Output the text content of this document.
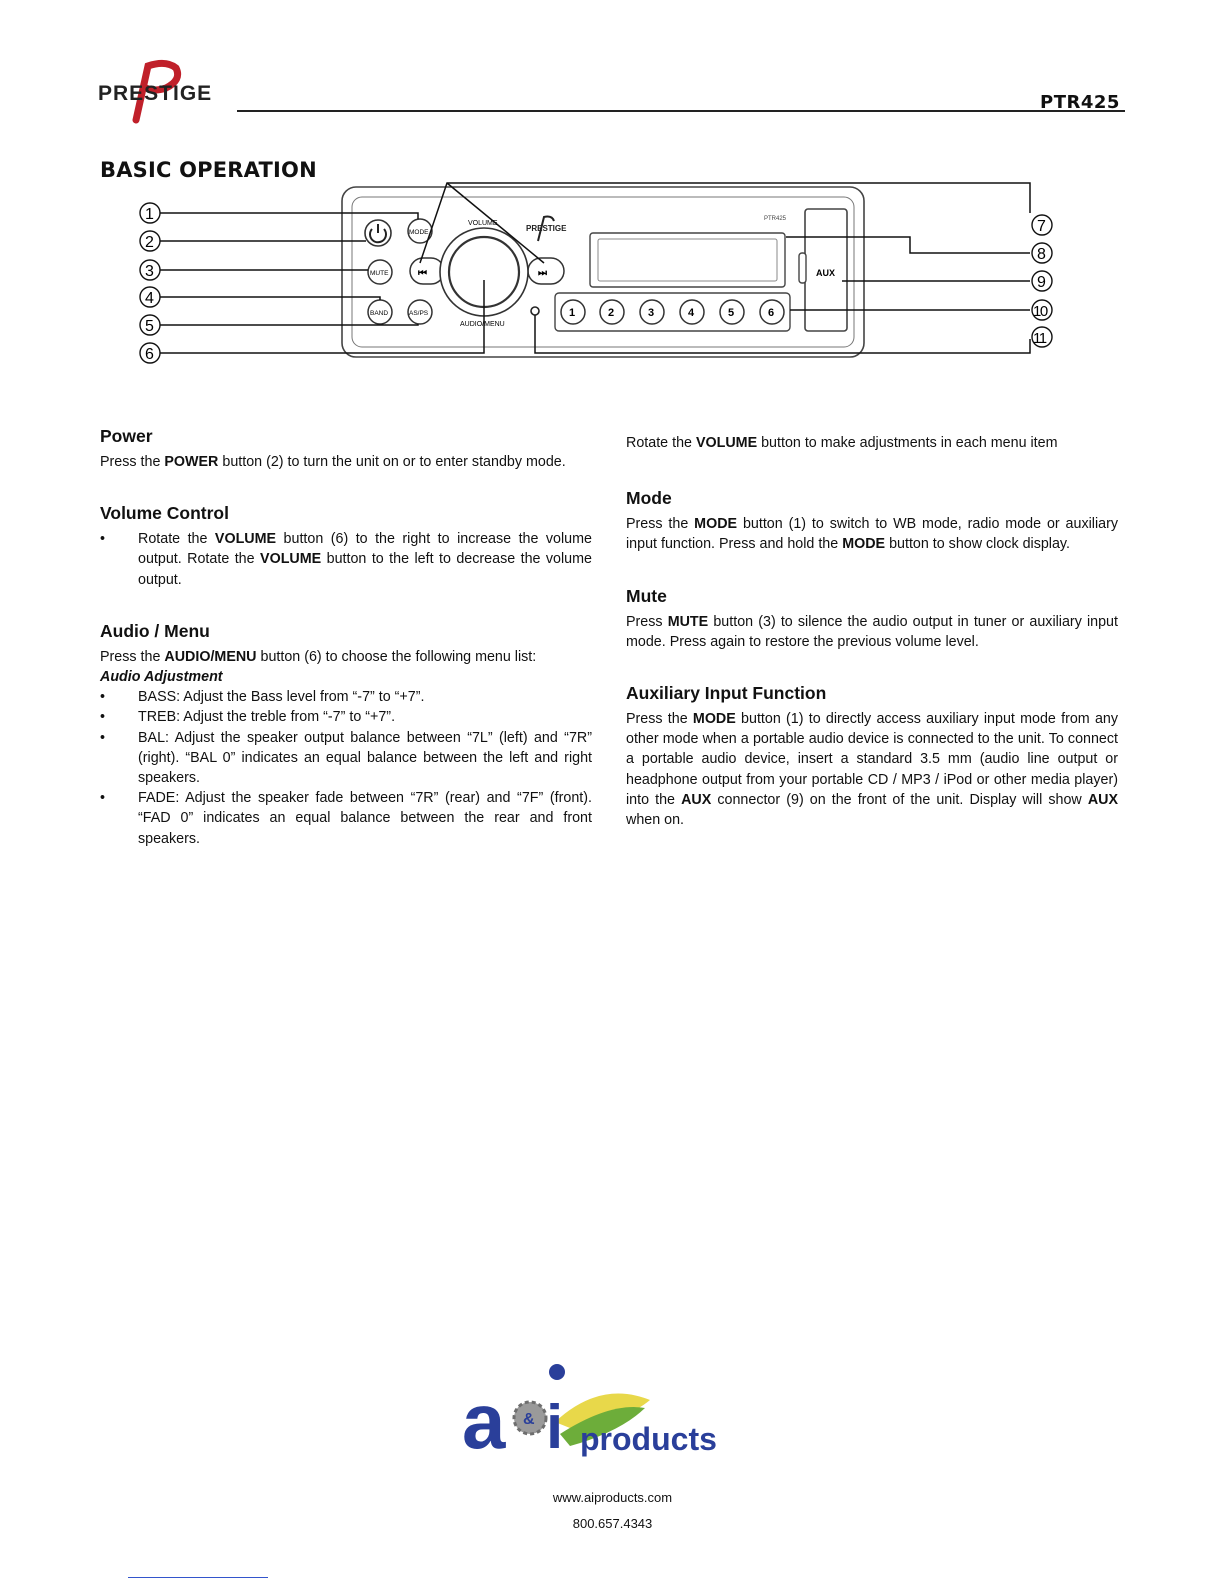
PRESTIGE	PTR425
BASIC OPERATION
AUX
PTR425
PRESTIGE
MODE
MUTE
BAND	AS/PS
⏮	⏭
VOLUME
AUDIO/MENU
1	2	3	4	5	6
1
2
3
4
5
6
7
8
9
10
11
Power

Press the POWER button (2) to turn the unit on or to enter standby mode.

Volume Control
•	Rotate the VOLUME button (6) to the right to increase the volume output. Rotate the VOLUME button to the left to decrease the volume output.
Audio / Menu

Press the AUDIO/MENU button (6) to choose the following menu list:

Audio Adjustment
•	BASS: Adjust the Bass level from “-7” to “+7”.
•	TREB: Adjust the treble from “-7” to “+7”.
•	BAL: Adjust the speaker output balance between “7L” (left) and “7R” (right). “BAL 0” indicates an equal balance between the left and right speakers.
•	FADE: Adjust the speaker fade between “7R” (rear) and “7F” (front). “FAD 0” indicates an equal balance between the rear and front speakers.

Rotate the VOLUME button to make adjustments in each menu item

Mode

Press the MODE button (1) to switch to WB mode, radio mode or auxiliary input function. Press and hold the MODE button to show clock display.

Mute

Press MUTE button (3) to silence the audio output in tuner or auxiliary input mode. Press again to restore the previous volume level.

Auxiliary Input Function

Press the MODE button (1) to directly access auxiliary input mode from any other mode when a portable audio device is connected to the unit. To connect a portable audio device, insert a standard 3.5 mm (audio line output or headphone output from your portable CD / MP3 / iPod or other media player) into the AUX connector (9) on the front of the unit. Display will show AUX when on.

a & i products
www.aiproducts.com
800.657.4343
